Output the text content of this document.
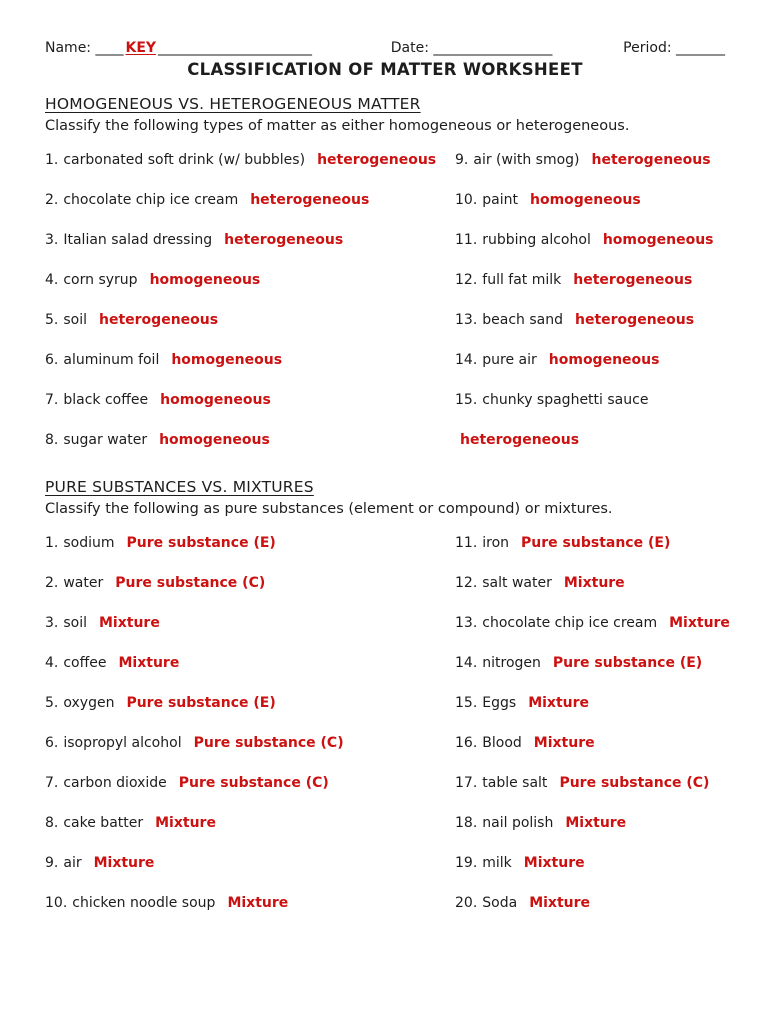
Name: ____ KEY ______________________	Date: _________________	Period: _______
CLASSIFICATION OF MATTER WORKSHEET
HOMOGENEOUS VS. HETEROGENEOUS MATTER
Classify the following types of matter as either homogeneous or heterogeneous.
1. carbonated soft drink (w/ bubbles) heterogeneous
2. chocolate chip ice cream heterogeneous
3. Italian salad dressing heterogeneous
4. corn syrup homogeneous
5. soil heterogeneous
6. aluminum foil homogeneous
7. black coffee homogeneous
8. sugar water homogeneous
9. air (with smog) heterogeneous
10. paint homogeneous
11. rubbing alcohol homogeneous
12. full fat milk heterogeneous
13. beach sand heterogeneous
14. pure air homogeneous
15. chunky spaghetti sauce
heterogeneous
PURE SUBSTANCES VS. MIXTURES
Classify the following as pure substances (element or compound) or mixtures.
1. sodium Pure substance (E)
2. water Pure substance (C)
3. soil Mixture
4. coffee Mixture
5. oxygen Pure substance (E)
6. isopropyl alcohol Pure substance (C)
7. carbon dioxide Pure substance (C)
8. cake batter Mixture
9. air Mixture
10. chicken noodle soup Mixture
11. iron Pure substance (E)
12. salt water Mixture
13. chocolate chip ice cream Mixture
14. nitrogen Pure substance (E)
15. Eggs Mixture
16. Blood Mixture
17. table salt Pure substance (C)
18. nail polish Mixture
19. milk Mixture
20. Soda Mixture
